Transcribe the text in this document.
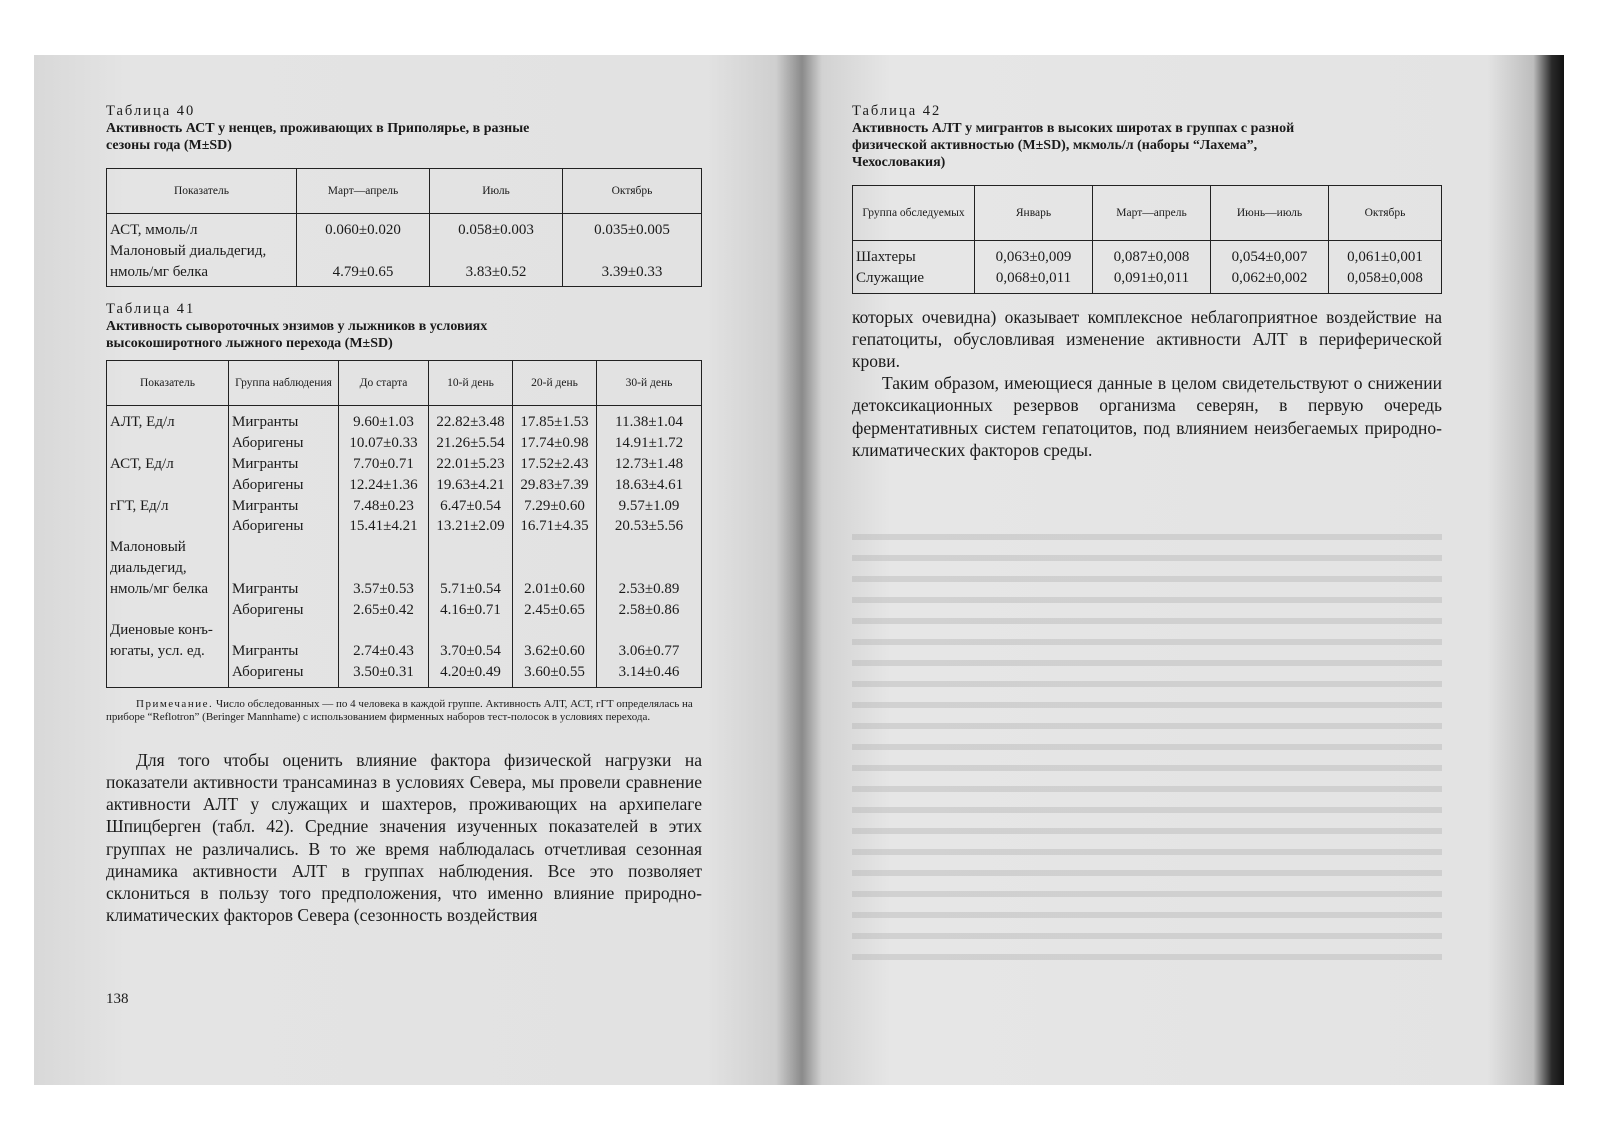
Таблица 40
Активность АСТ у ненцев, проживающих в Приполярье, в разные сезоны года (M±SD)
Показатель	Март—апрель	Июль	Октябрь
АСТ, ммоль/л	0.060±0.020	0.058±0.003	0.035±0.005
Малоновый диальдегид,			
нмоль/мг белка	4.79±0.65	3.83±0.52	3.39±0.33
Таблица 41
Активность сывороточных энзимов у лыжников в условиях высокоширотного лыжного перехода (M±SD)
Показатель	Группа наблюдения	До старта	10-й день	20-й день	30-й день
АЛТ, Ед/л	Мигранты	9.60±1.03	22.82±3.48	17.85±1.53	11.38±1.04
	Аборигены	10.07±0.33	21.26±5.54	17.74±0.98	14.91±1.72
АСТ, Ед/л	Мигранты	7.70±0.71	22.01±5.23	17.52±2.43	12.73±1.48
	Аборигены	12.24±1.36	19.63±4.21	29.83±7.39	18.63±4.61
гГТ, Ед/л	Мигранты	7.48±0.23	6.47±0.54	7.29±0.60	9.57±1.09
	Аборигены	15.41±4.21	13.21±2.09	16.71±4.35	20.53±5.56
Малоновый					
диальдегид,					
нмоль/мг белка	Мигранты	3.57±0.53	5.71±0.54	2.01±0.60	2.53±0.89
	Аборигены	2.65±0.42	4.16±0.71	2.45±0.65	2.58±0.86
Диеновые конъ-					
югаты, усл. ед.	Мигранты	2.74±0.43	3.70±0.54	3.62±0.60	3.06±0.77
	Аборигены	3.50±0.31	4.20±0.49	3.60±0.55	3.14±0.46
Примечание. Число обследованных — по 4 человека в каждой группе. Активность АЛТ, АСТ, гГТ определялась на приборе “Reflotron” (Beringer Mannhame) с использованием фирменных наборов тест-полосок в условиях перехода.

Для того чтобы оценить влияние фактора физической нагрузки на показатели активности трансаминаз в условиях Севера, мы провели сравнение активности АЛТ у служащих и шахтеров, проживающих на архипелаге Шпицберген (табл. 42). Средние значения изученных показателей в этих группах не различались. В то же время наблюдалась отчетливая сезонная динамика активности АЛТ в группах наблюдения. Все это позволяет склониться в пользу того предположения, что именно влияние природно-климатических факторов Севера (сезонность воздействия

138
Таблица 42
Активность АЛТ у мигрантов в высоких широтах в группах с разной физической активностью (M±SD), мкмоль/л (наборы “Лахема”, Чехословакия)
Группа обследуемых	Январь	Март—апрель	Июнь—июль	Октябрь
Шахтеры	0,063±0,009	0,087±0,008	0,054±0,007	0,061±0,001
Служащие	0,068±0,011	0,091±0,011	0,062±0,002	0,058±0,008

которых очевидна) оказывает комплексное неблагоприятное воздействие на гепатоциты, обусловливая изменение активности АЛТ в периферической крови.

Таким образом, имеющиеся данные в целом свидетельствуют о снижении детоксикационных резервов организма северян, в первую очередь ферментативных систем гепатоцитов, под влиянием неизбегаемых природно-климатических факторов среды.
